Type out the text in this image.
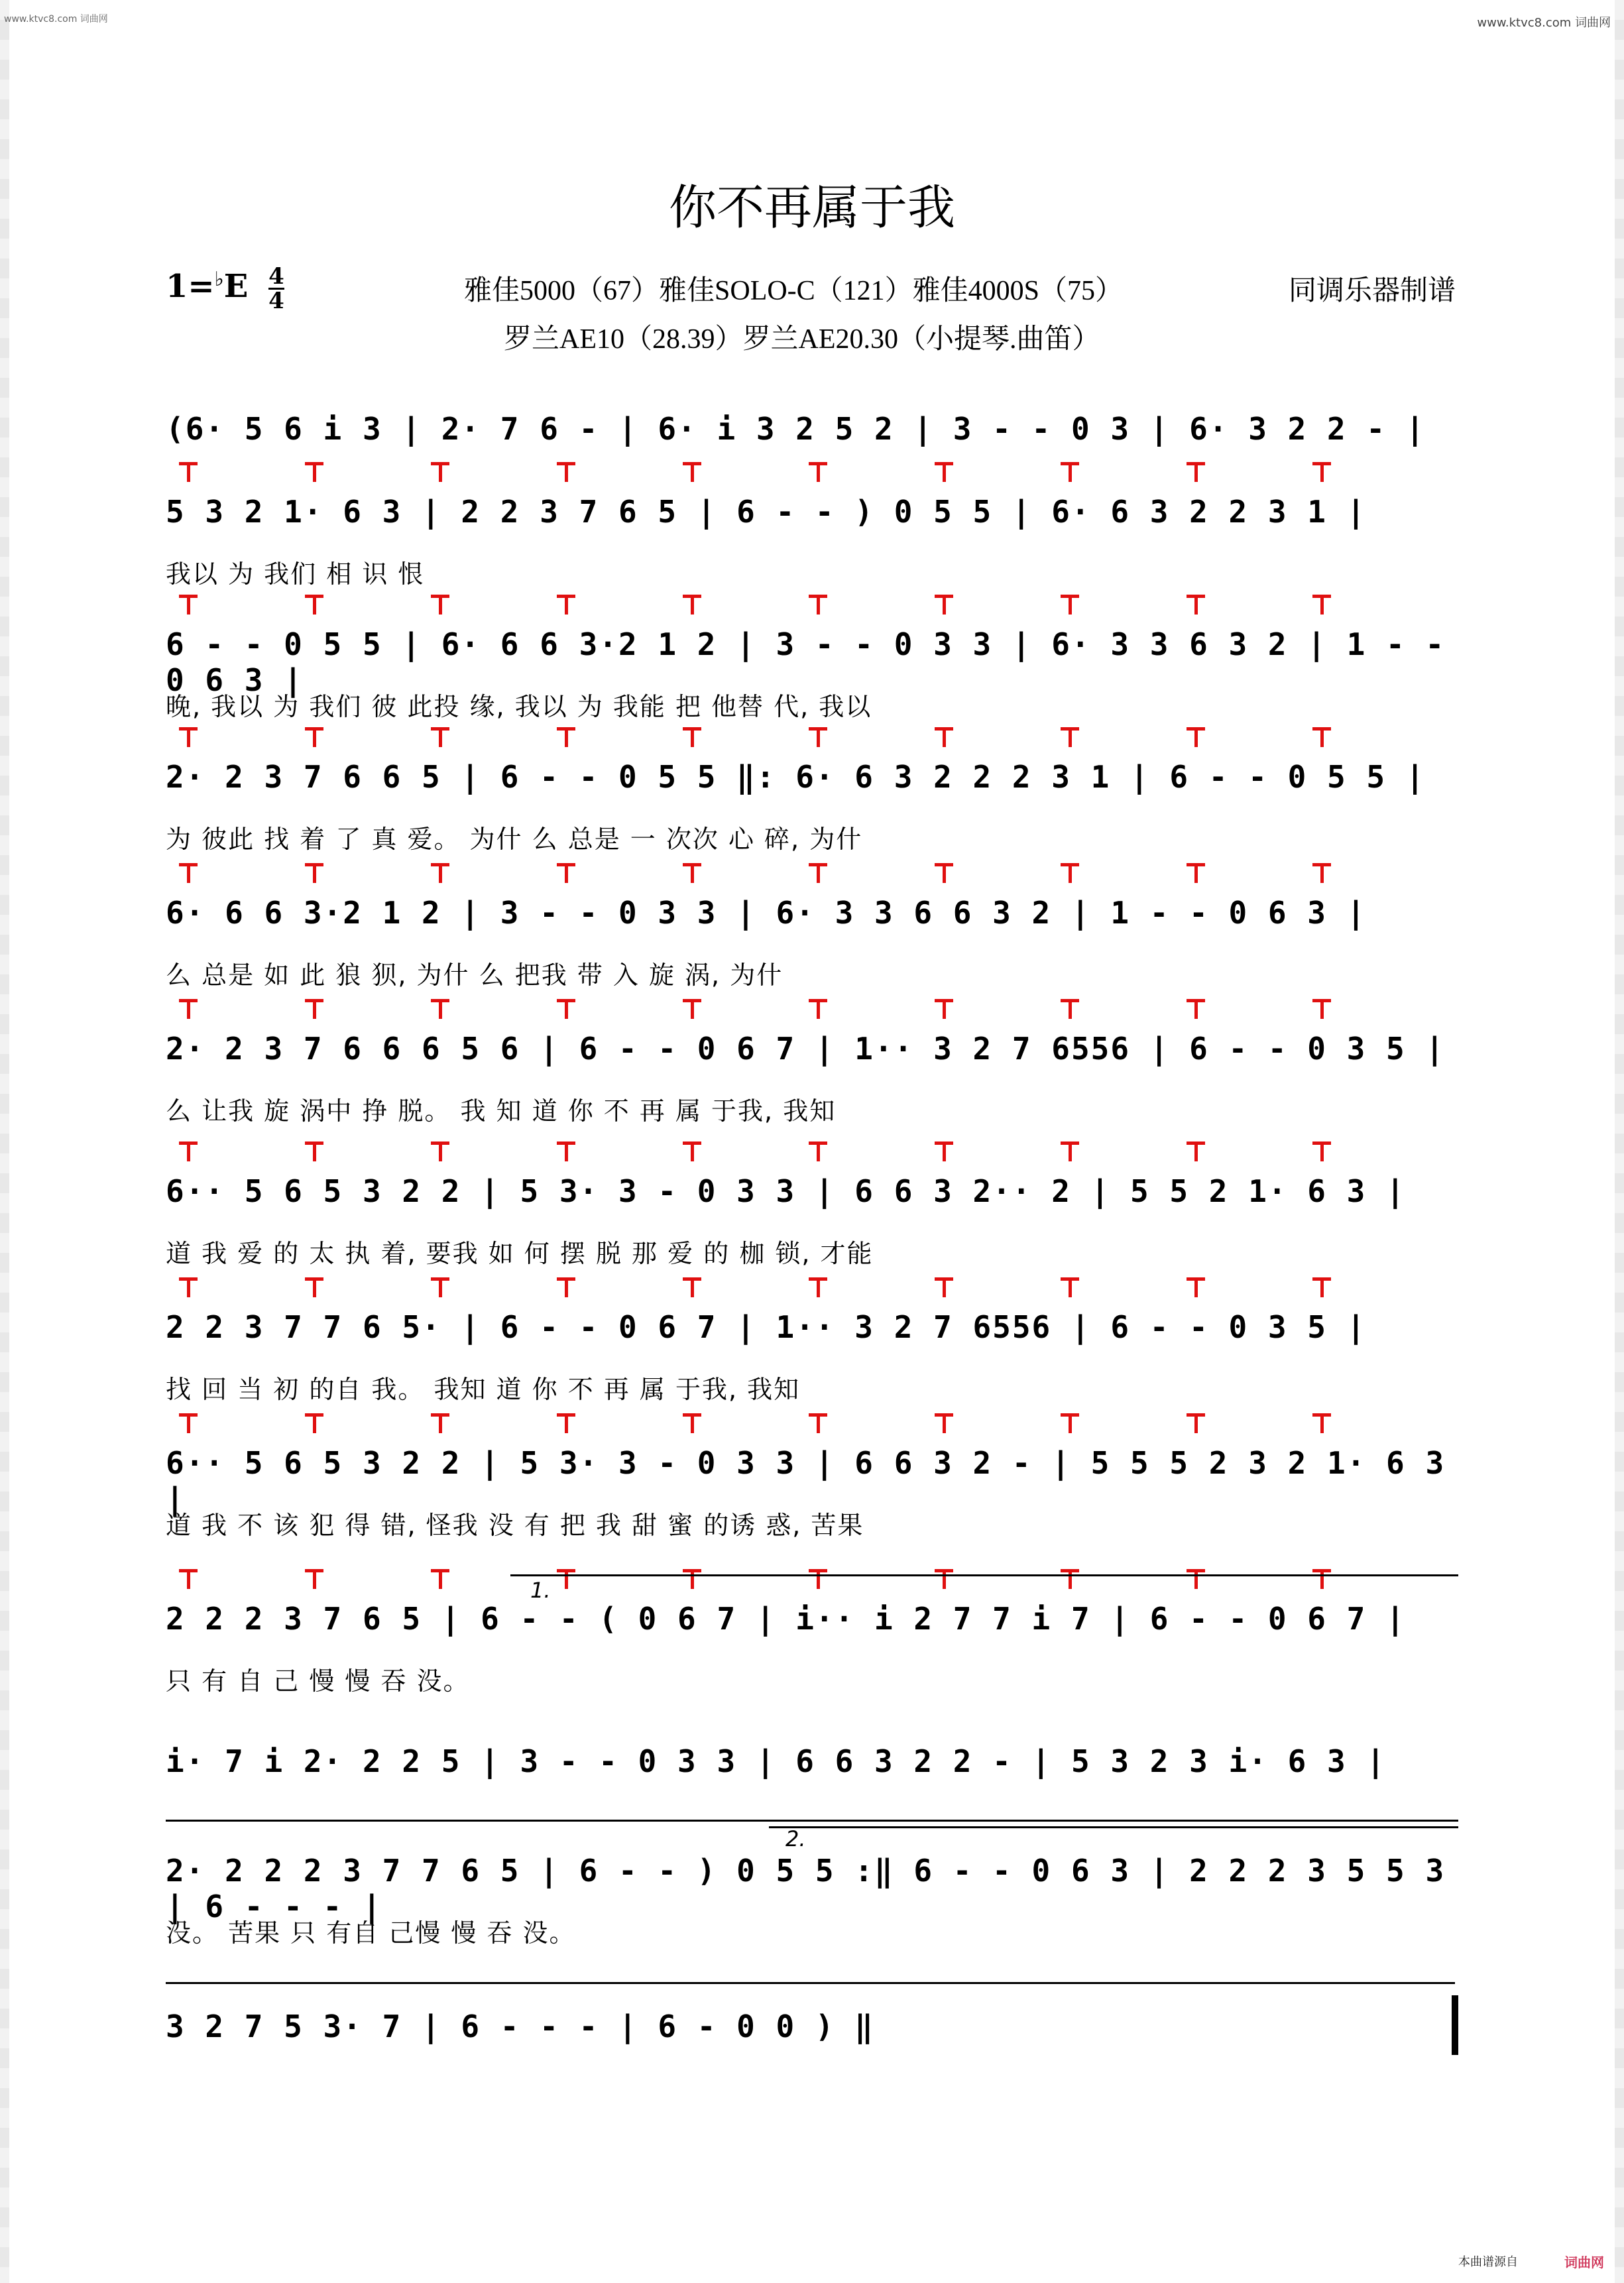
www.ktvc8.com 词曲网	www.ktvc8.com 词曲网
你不再属于我
$1=^♭E \frac{4}{4}$	雅佳5000（67）雅佳SOLO-C（121）雅佳4000S（75）
罗兰AE10（28.39）罗兰AE20.30（小提琴.曲笛）
同调乐器制谱
(6· 5 6 i 3 | 2· 7 6 - | 6· i 3 2 5 2 | 3 - - 0 3 | 6· 3 2 2 - |
5 3 2 1· 6 3 | 2 2 3 7 6 5 | 6 - - ) 0 5 5 | 6· 6 3 2 2 3 1 |
我以 为 我们 相 识 恨
6 - - 0 5 5 | 6· 6 6 3·2 1 2 | 3 - - 0 3 3 | 6· 3 3 6 3 2 | 1 - - 0 6 3 |
晚, 我以 为 我们 彼 此投 缘, 我以 为 我能 把 他替 代, 我以
2· 2 3 7 6 6 5 | 6 - - 0 5 5 ‖: 6· 6 3 2 2 2 3 1 | 6 - - 0 5 5 |
为 彼此 找 着 了 真 爱。 为什 么 总是 一 次次 心 碎, 为什
6· 6 6 3·2 1 2 | 3 - - 0 3 3 | 6· 3 3 6 6 3 2 | 1 - - 0 6 3 |
么 总是 如 此 狼 狈, 为什 么 把我 带 入 旋 涡, 为什
2· 2 3 7 6 6 6 5 6 | 6 - - 0 6 7 | 1·· 3 2 7 6556 | 6 - - 0 3 5 |
么 让我 旋 涡中 挣 脱。 我 知 道 你 不 再 属 于我, 我知
6·· 5 6 5 3 2 2 | 5 3· 3 - 0 3 3 | 6 6 3 2·· 2 | 5 5 2 1· 6 3 |
道 我 爱 的 太 执 着, 要我 如 何 摆 脱 那 爱 的 枷 锁, 才能
2 2 3 7 7 6 5· | 6 - - 0 6 7 | 1·· 3 2 7 6556 | 6 - - 0 3 5 |
找 回 当 初 的自 我。 我知 道 你 不 再 属 于我, 我知
6·· 5 6 5 3 2 2 | 5 3· 3 - 0 3 3 | 6 6 3 2 - | 5 5 5 2 3 2 1· 6 3 |
道 我 不 该 犯 得 错, 怪我 没 有 把 我 甜 蜜 的诱 惑, 苦果
2 2 2 3 7 6 5 | 6 - - ( 0 6 7 | i·· i 2 7 7 i 7 | 6 - - 0 6 7 |
只 有 自 己 慢 慢 吞 没。
i· 7 i 2· 2 2 5 | 3 - - 0 3 3 | 6 6 3 2 2 - | 5 3 2 3 i· 6 3 |
2· 2 2 2 3 7 7 6 5 | 6 - - ) 0 5 5 :‖ 6 - - 0 6 3 | 2 2 2 3 5 5 3 | 6 - - - |
没。 苦果 只 有自 己慢 慢 吞 没。
3 2 7 5 3· 7 | 6 - - - | 6 - 0 0 ) ‖
1.
2.
本曲谱源自	词曲网
